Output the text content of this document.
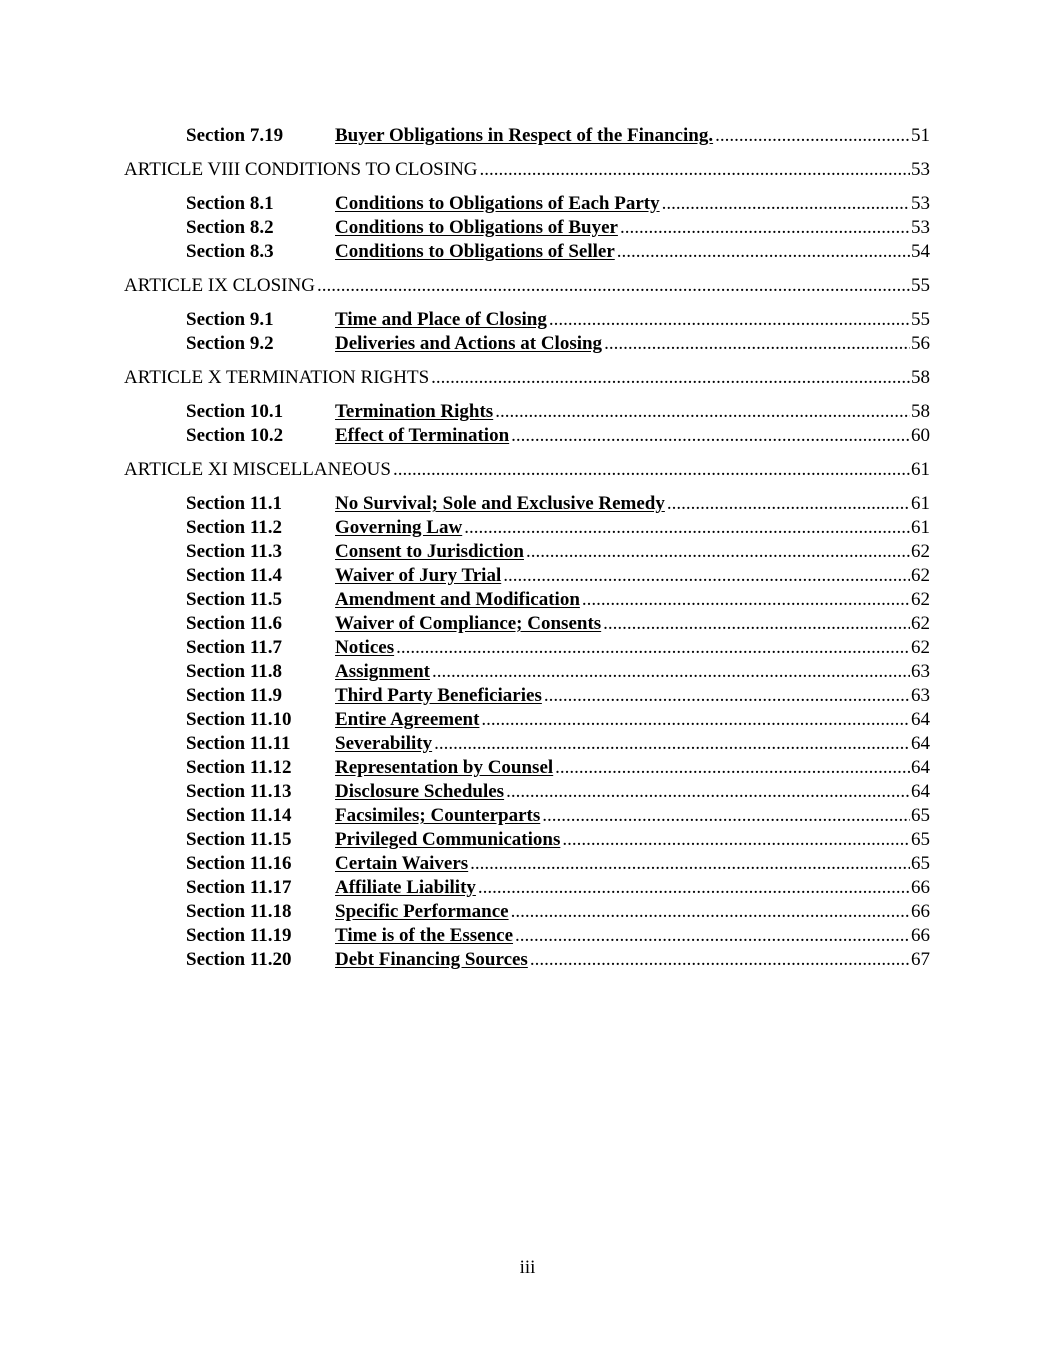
Section 7.19	Buyer Obligations in Respect of the Financing. .....	51
ARTICLE VIII CONDITIONS TO CLOSING .....	53
Section 8.1	Conditions to Obligations of Each Party .....	53
Section 8.2	Conditions to Obligations of Buyer .....	53
Section 8.3	Conditions to Obligations of Seller .....	54
ARTICLE IX CLOSING .....	55
Section 9.1	Time and Place of Closing .....	55
Section 9.2	Deliveries and Actions at Closing .....	56
ARTICLE X TERMINATION RIGHTS .....	58
Section 10.1	Termination Rights .....	58
Section 10.2	Effect of Termination .....	60
ARTICLE XI MISCELLANEOUS .....	61
Section 11.1	No Survival; Sole and Exclusive Remedy .....	61
Section 11.2	Governing Law .....	61
Section 11.3	Consent to Jurisdiction .....	62
Section 11.4	Waiver of Jury Trial .....	62
Section 11.5	Amendment and Modification .....	62
Section 11.6	Waiver of Compliance; Consents .....	62
Section 11.7	Notices .....	62
Section 11.8	Assignment .....	63
Section 11.9	Third Party Beneficiaries .....	63
Section 11.10 Entire Agreement .....	64
Section 11.11 Severability .....	64
Section 11.12 Representation by Counsel .....	64
Section 11.13 Disclosure Schedules .....	64
Section 11.14 Facsimiles; Counterparts .....	65
Section 11.15 Privileged Communications .....	65
Section 11.16 Certain Waivers .....	65
Section 11.17 Affiliate Liability .....	66
Section 11.18 Specific Performance .....	66
Section 11.19 Time is of the Essence .....	66
Section 11.20 Debt Financing Sources .....	67
iii
